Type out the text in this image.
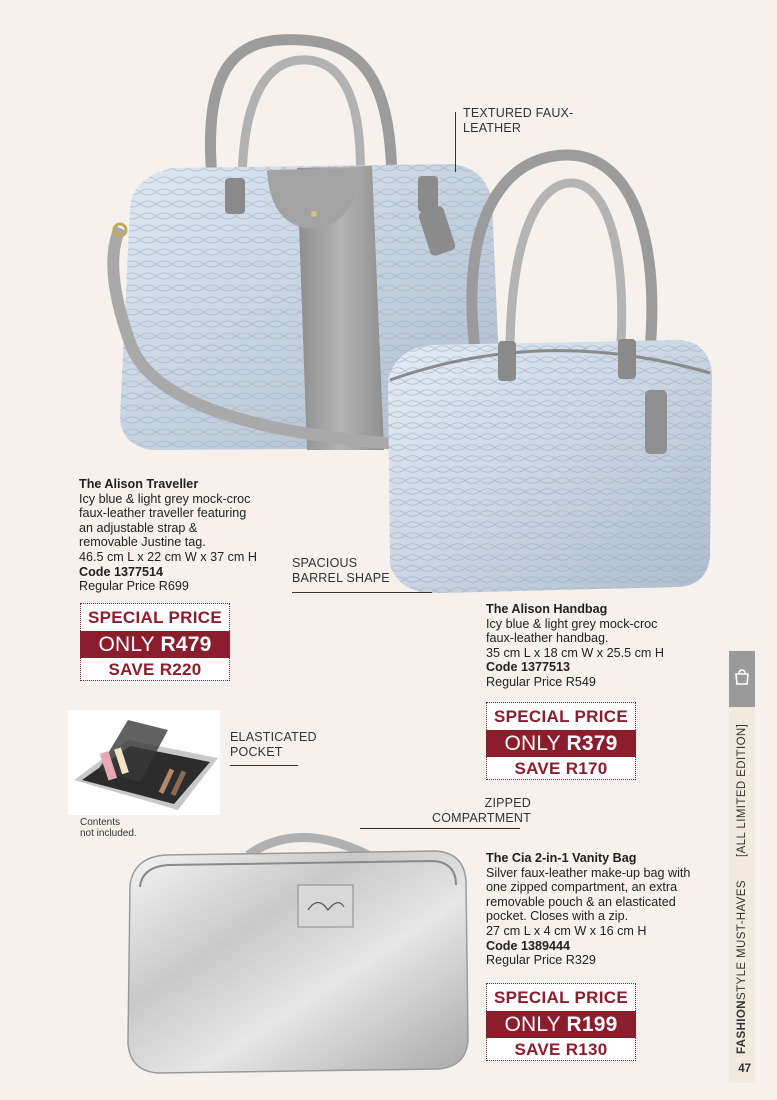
TEXTURED FAUX-

LEATHER

SPACIOUS

BARREL SHAPE

ELASTICATED

POCKET

ZIPPED

COMPARTMENT

Contents

not included.

The Alison Traveller

Icy blue & light grey mock-croc

faux-leather traveller featuring

an adjustable strap &

removable Justine tag.

46.5 cm L x 22 cm W x 37 cm H

Code 1377514

Regular Price R699

SPECIAL PRICE
ONLY R479
SAVE R220

The Alison Handbag

Icy blue & light grey mock-croc

faux-leather handbag.

35 cm L x 18 cm W x 25.5 cm H

Code 1377513

Regular Price R549

SPECIAL PRICE
ONLY R379
SAVE R170

The Cia 2-in-1 Vanity Bag

Silver faux-leather make-up bag with

one zipped compartment, an extra

removable pouch & an elasticated

pocket. Closes with a zip.

27 cm L x 4 cm W x 16 cm H

Code 1389444

Regular Price R329

SPECIAL PRICE
ONLY R199
SAVE R130
[ALL LIMITED EDITION]
FASHION
STYLE MUST-HAVES
47
